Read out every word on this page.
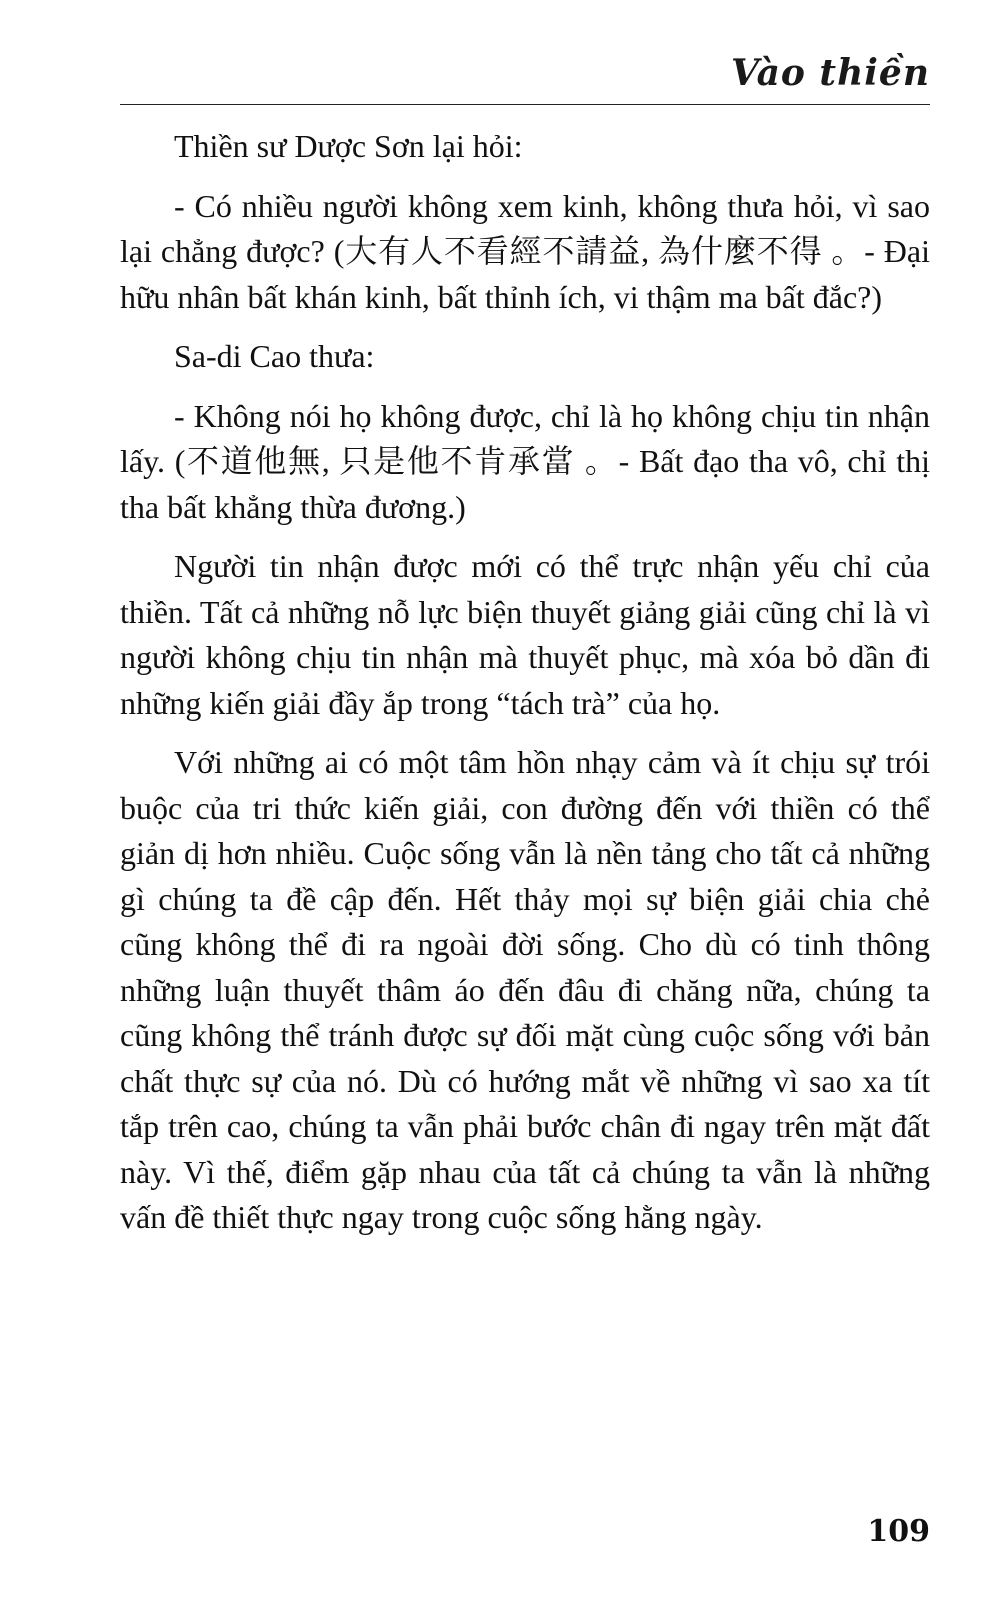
Vào thiền

Thiền sư Dược Sơn lại hỏi:

- Có nhiều người không xem kinh, không thưa hỏi, vì sao lại chẳng được? (大有人不看經不請益, 為什麼不得 。- Đại hữu nhân bất khán kinh, bất thỉnh ích, vi thậm ma bất đắc?)

Sa-di Cao thưa:

- Không nói họ không được, chỉ là họ không chịu tin nhận lấy. (不道他無, 只是他不肯承當 。- Bất đạo tha vô, chỉ thị tha bất khẳng thừa đương.)

Người tin nhận được mới có thể trực nhận yếu chỉ của thiền. Tất cả những nỗ lực biện thuyết giảng giải cũng chỉ là vì người không chịu tin nhận mà thuyết phục, mà xóa bỏ dần đi những kiến giải đầy ắp trong “tách trà” của họ.

Với những ai có một tâm hồn nhạy cảm và ít chịu sự trói buộc của tri thức kiến giải, con đường đến với thiền có thể giản dị hơn nhiều. Cuộc sống vẫn là nền tảng cho tất cả những gì chúng ta đề cập đến. Hết thảy mọi sự biện giải chia chẻ cũng không thể đi ra ngoài đời sống. Cho dù có tinh thông những luận thuyết thâm áo đến đâu đi chăng nữa, chúng ta cũng không thể tránh được sự đối mặt cùng cuộc sống với bản chất thực sự của nó. Dù có hướng mắt về những vì sao xa tít tắp trên cao, chúng ta vẫn phải bước chân đi ngay trên mặt đất này. Vì thế, điểm gặp nhau của tất cả chúng ta vẫn là những vấn đề thiết thực ngay trong cuộc sống hằng ngày.

109
